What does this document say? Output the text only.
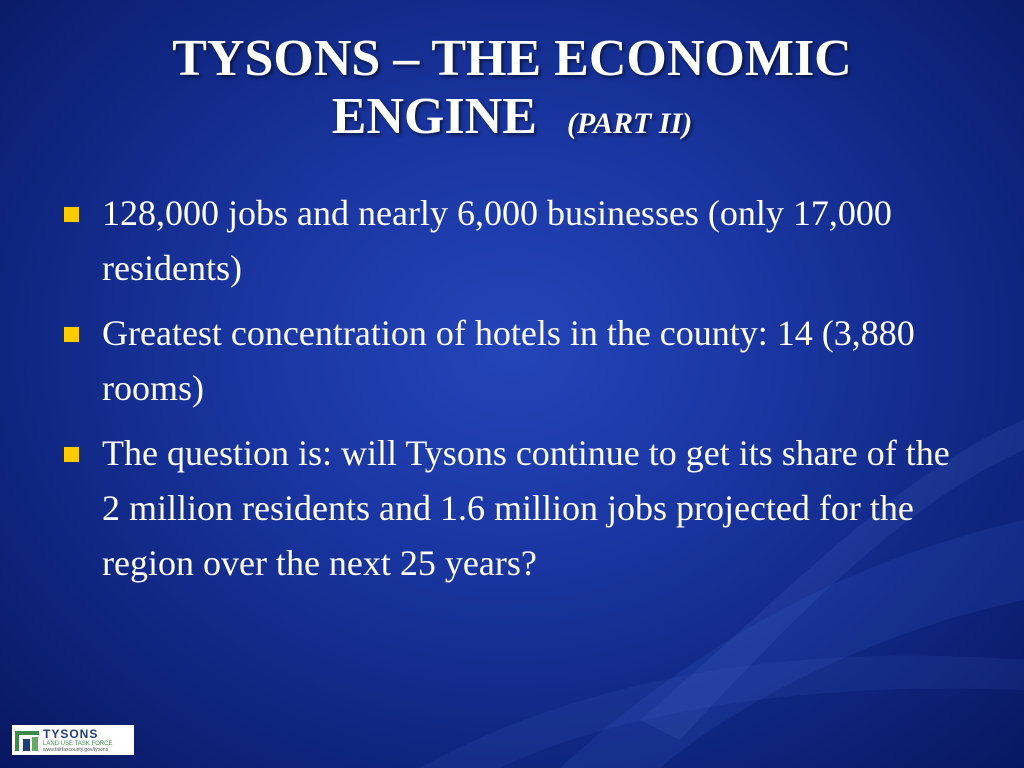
TYSONS – THE ECONOMIC ENGINE (PART II)
128,000 jobs and nearly 6,000 businesses (only 17,000 residents)
Greatest concentration of hotels in the county: 14 (3,880 rooms)
The question is: will Tysons continue to get its share of the 2 million residents and 1.6 million jobs projected for the region over the next 25 years?
TYSONS
LAND USE TASK FORCE
www.fairfaxcounty.gov/tysons
